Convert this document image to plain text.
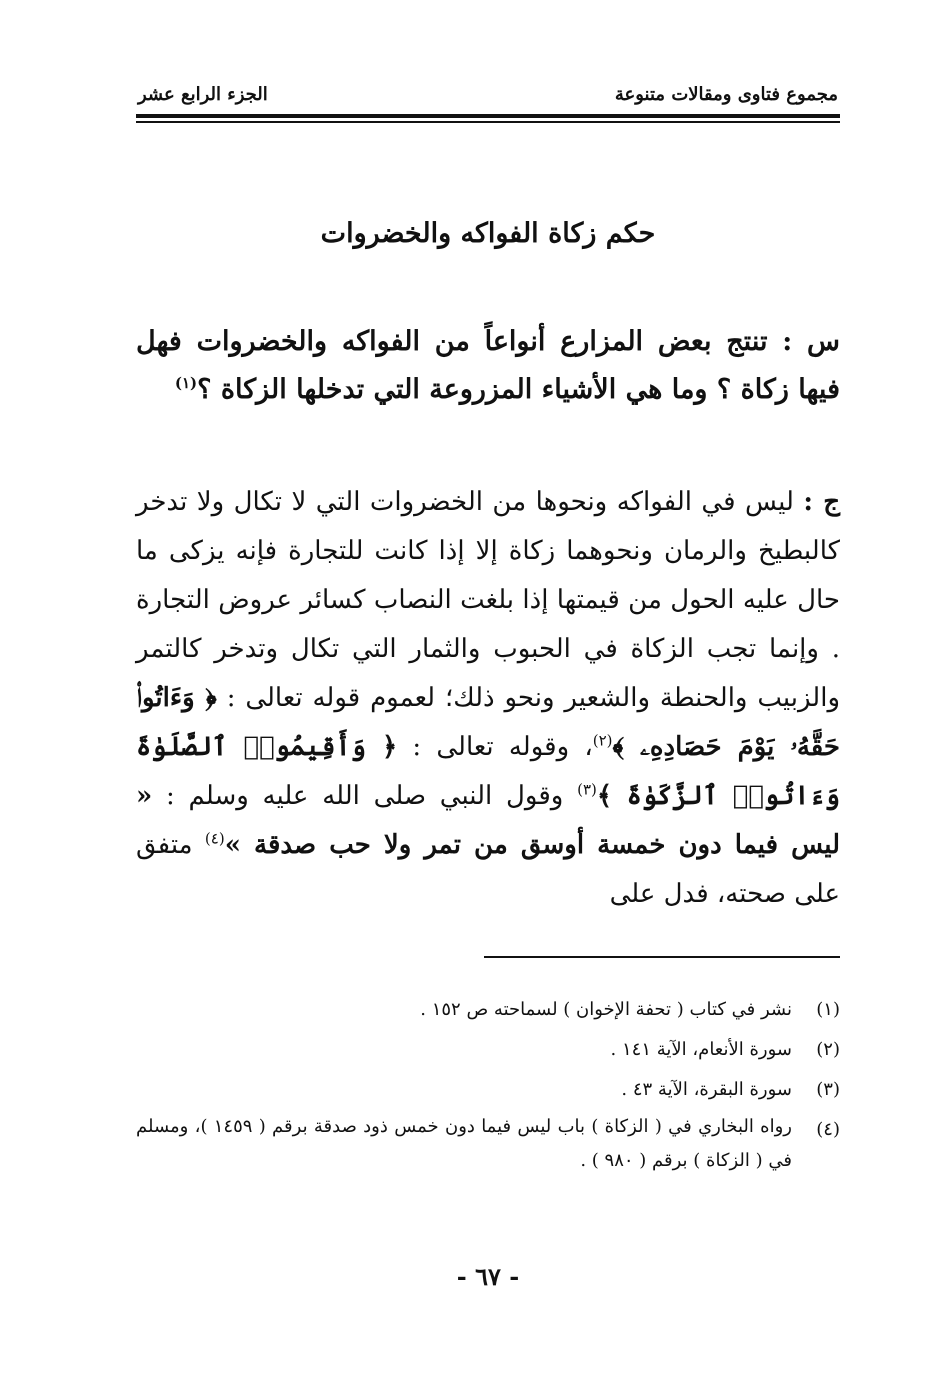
مجموع فتاوى ومقالات متنوعة
الجزء الرابع عشر
حكم زكاة الفواكه والخضروات
س : تنتج بعض المزارع أنواعاً من الفواكه والخضروات فهل فيها زكاة ؟ وما هي الأشياء المزروعة التي تدخلها الزكاة ؟$^{(١)}$
ج : ليس في الفواكه ونحوها من الخضروات التي لا تكال ولا تدخر كالبطيخ والرمان ونحوهما زكاة إلا إذا كانت للتجارة فإنه يزكى ما حال عليه الحول من قيمتها إذا بلغت النصاب كسائر عروض التجارة . وإنما تجب الزكاة في الحبوب والثمار التي تكال وتدخر كالتمر والزبيب والحنطة والشعير ونحو ذلك؛ لعموم قوله تعالى : ﴿ وَءَاتُوا۟ حَقَّهُۥ يَوْمَ حَصَادِهِۦ ﴾$^{(٢)}$، وقوله تعالى : ﴿ وَأَقِيمُوا۟ ٱلصَّلَوٰةَ وَءَاتُوا۟ ٱلزَّكَوٰةَ ﴾$^{(٣)}$ وقول النبي صلى الله عليه وسلم : « ليس فيما دون خمسة أوسق من تمر ولا حب صدقة »$^{(٤)}$ متفق على صحته، فدل على
(١)
نشر في كتاب ( تحفة الإخوان ) لسماحته ص ١٥٢ .
(٢)
سورة الأنعام، الآية ١٤١ .
(٣)
سورة البقرة، الآية ٤٣ .
(٤)
رواه البخاري في ( الزكاة ) باب ليس فيما دون خمس ذود صدقة برقم ( ١٤٥٩ )، ومسلم في ( الزكاة ) برقم ( ٩٨٠ ) .
- ٦٧ -
